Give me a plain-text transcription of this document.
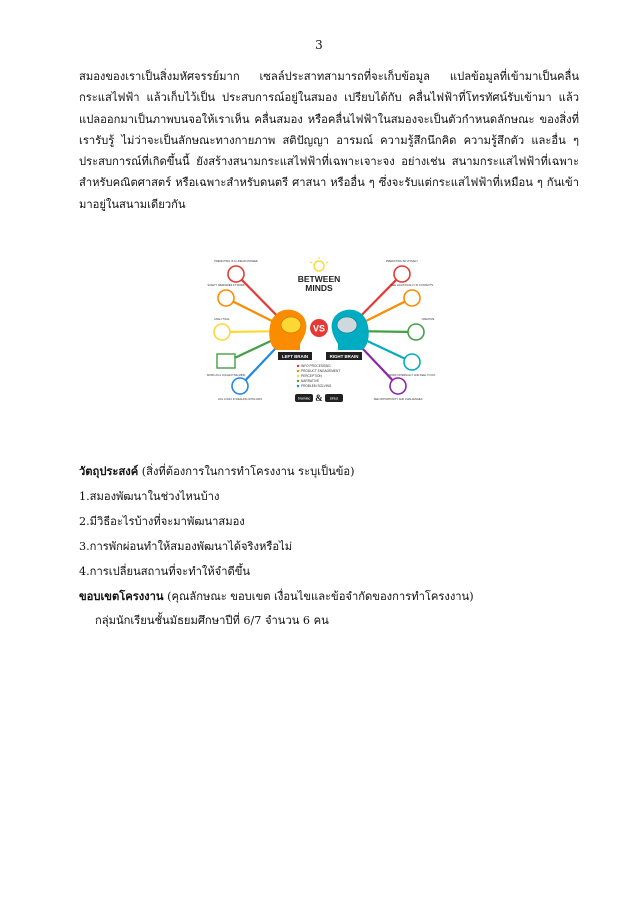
3

สมองของเราเป็นสิ่งมหัศจรรย์มาก เซลล์ประสาทสามารถที่จะเก็บข้อมูล แปลข้อมูลที่เข้ามาเป็นคลื่นกระแสไฟฟ้า แล้วเก็บไว้เป็น ประสบการณ์อยู่ในสมอง เปรียบได้กับ คลื่นไฟฟ้าที่โทรทัศน์รับเข้ามา แล้วแปลออกมาเป็นภาพบนจอให้เราเห็น คลื่นสมอง หรือคลื่นไฟฟ้าในสมองจะเป็นตัวกำหนดลักษณะ ของสิ่งที่เรารับรู้ ไม่ว่าจะเป็นลักษณะทางกายภาพ สติปัญญา อารมณ์ ความรู้สึกนึกคิด ความรู้สึกตัว และอื่น ๆ ประสบการณ์ที่เกิดขึ้นนี้ ยังสร้างสนามกระแสไฟฟ้าที่เฉพาะเจาะจง อย่างเช่น สนามกระแสไฟฟ้าที่เฉพาะ สำหรับคณิตศาสตร์ หรือเฉพาะสำหรับดนตรี ศาสนา หรืออื่น ๆ ซึ่งจะรับแต่กระแสไฟฟ้าที่เหมือน ๆ กันเข้ามาอยู่ในสนามเดียวกัน

BETWEEN
MINDS
PREDICTING IS A LINEAR ANSWER
SAFETY MEMORIES AT WORK
ANALYTICAL
WORK AS A COLLECTIVE MIND
LOG LOGIC IN DEALING WITH DATA
PREDICTING INTUITIVELY
SEE HOLISTICALLY IN CONTEXTS
CREATIVE
WORK INTERNALLY AND FEEL TO DO
SEE OPPORTUNITY AND CHALLENGES
VS
LEFT BRAIN	RIGHT BRAIN
INFO PROCESSING
PRODUCT ENGAGEMENT
PERCEPTION
NARRATIVE
PROBLEM SOLVING
brainiac & sirius
วัตถุประสงค์ (สิ่งที่ต้องการในการทำโครงงาน ระบุเป็นข้อ)
1.สมองพัฒนาในช่วงไหนบ้าง
2.มีวิธีอะไรบ้างที่จะมาพัฒนาสมอง
3.การพักผ่อนทำให้สมองพัฒนาได้จริงหรือไม่
4.การเปลี่ยนสถานที่จะทำให้จำดีขึ้น
ขอบเขตโครงงาน (คุณลักษณะ ขอบเขต เงื่อนไขและข้อจำกัดของการทำโครงงาน)
กลุ่มนักเรียนชั้นมัธยมศึกษาปีที่ 6/7 จำนวน 6 คน
